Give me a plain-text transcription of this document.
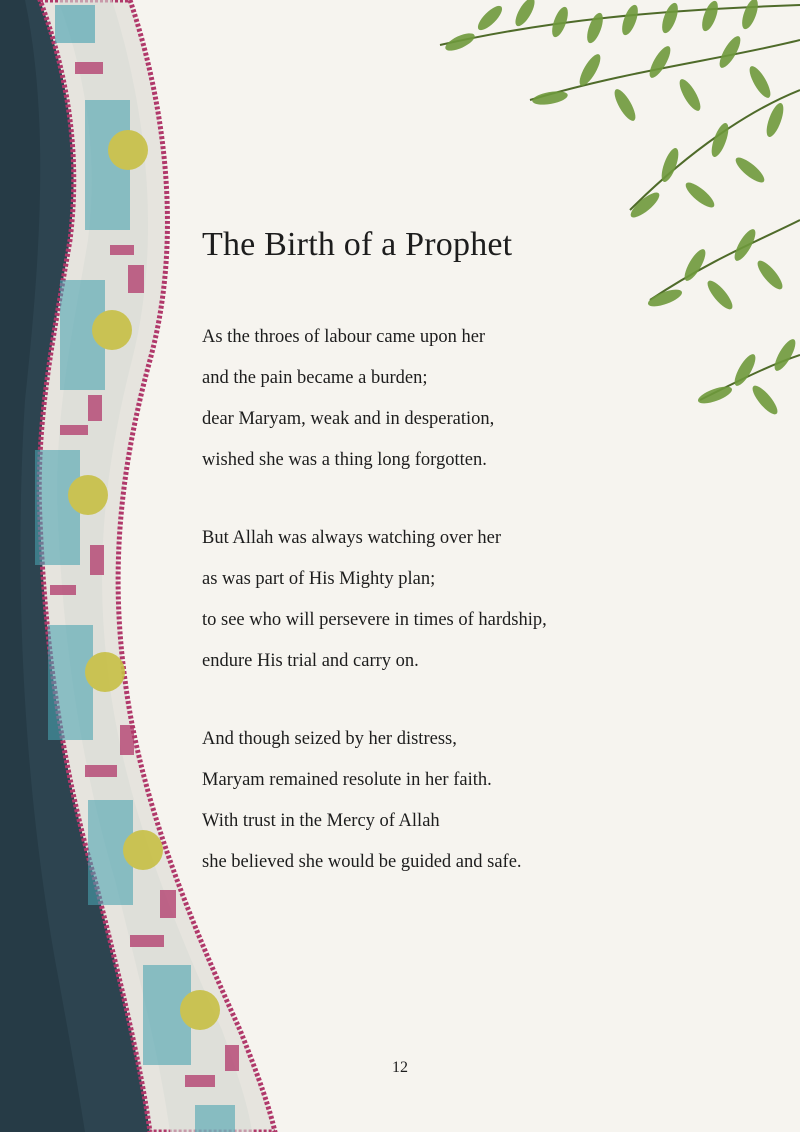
The Birth of a Prophet
As the throes of labour came upon her
and the pain became a burden;
dear Maryam, weak and in desperation,
wished she was a thing long forgotten.
But Allah was always watching over her
as was part of His Mighty plan;
to see who will persevere in times of hardship,
endure His trial and carry on.
And though seized by her distress,
Maryam remained resolute in her faith.
With trust in the Mercy of Allah
she believed she would be guided and safe.
12
